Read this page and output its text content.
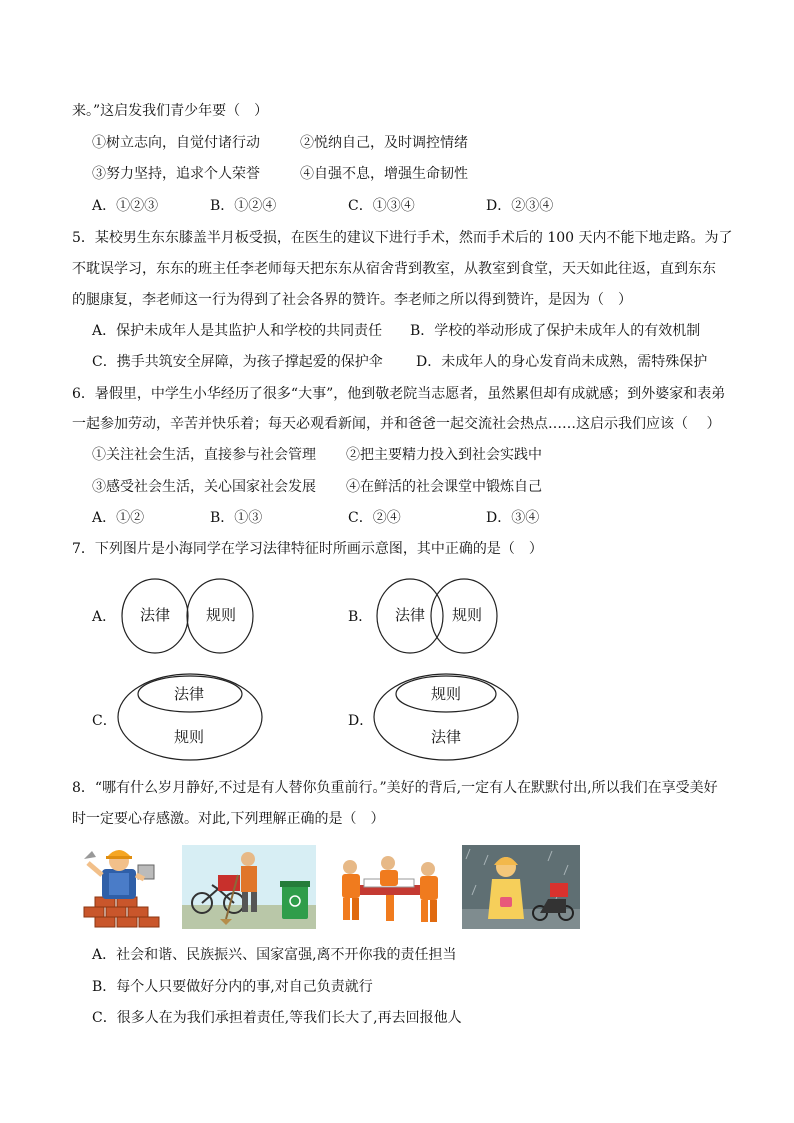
来。”这启发我们青少年要（　）
①树立志向，自觉付诸行动	②悦纳自己，及时调控情绪
③努力坚持，追求个人荣誉	④自强不息，增强生命韧性
A．①②③	B．①②④	C．①③④	D．②③④
5．某校男生东东膝盖半月板受损，在医生的建议下进行手术，然而手术后的 100 天内不能下地走路。为了
不耽误学习，东东的班主任李老师每天把东东从宿舍背到教室，从教室到食堂，天天如此往返，直到东东
的腿康复，李老师这一行为得到了社会各界的赞许。李老师之所以得到赞许，是因为（　）
A．保护未成年人是其监护人和学校的共同责任 B．学校的举动形成了保护未成年人的有效机制
C．携手共筑安全屏障，为孩子撑起爱的保护伞 D．未成年人的身心发育尚未成熟，需特殊保护
6．暑假里，中学生小华经历了很多“大事”，他到敬老院当志愿者，虽然累但却有成就感；到外婆家和表弟
一起参加劳动，辛苦并快乐着；每天必观看新闻，并和爸爸一起交流社会热点……这启示我们应该（　 ）
①关注社会生活，直接参与社会管理 ②把主要精力投入到社会实践中
③感受社会生活，关心国家社会发展 ④在鲜活的社会课堂中锻炼自己
A．①②	B．①③	C．②④	D．③④
7．下列图片是小海同学在学习法律特征时所画示意图，其中正确的是（　）
A． 法律 规则	B． 法律 规则
C．
法律
规则
D．
规则
法律
8．“哪有什么岁月静好,不过是有人替你负重前行。”美好的背后,一定有人在默默付出,所以我们在享受美好
时一定要心存感激。对此,下列理解正确的是（　）
A．社会和谐、民族振兴、国家富强,离不开你我的责任担当
B．每个人只要做好分内的事,对自己负责就行
C．很多人在为我们承担着责任,等我们长大了,再去回报他人
